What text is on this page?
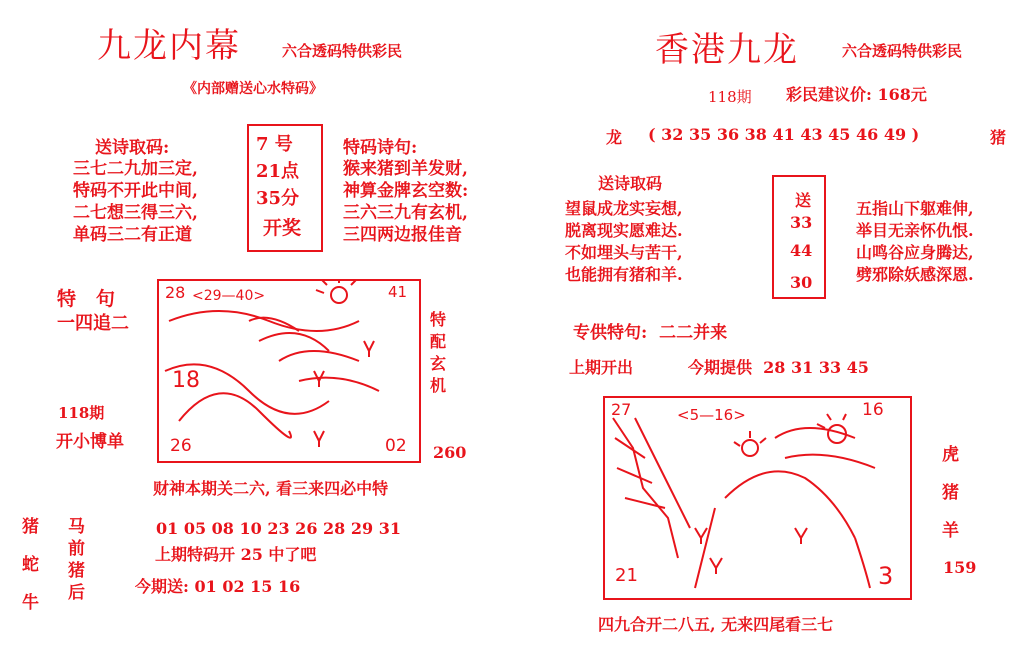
九龙内幕	六合透码特供彩民
《内部赠送心水特码》
送诗取码:
三七二九加三定,
特码不开此中间,
二七想三得三六,
单码三二有正道
7 号
21点
35分
开奖
特码诗句:
猴来猪到羊发财,
神算金牌玄空数:
三六三九有玄机,
三四两边报佳音
特   句
一四追二
118期
开小博单
28 <29—40>	41
18
26	02
特
配
玄
机
260
财神本期关二六, 看三来四必中特
猪
蛇
牛
马
前
猪
后
01 05 08 10 23 26 28 29 31
上期特码开 25 中了吧
今期送: 01 02 15 16
香港九龙	六合透码特供彩民
118期 彩民建议价: 168元
龙 ( 32 35 36 38 41 43 45 46 49 )	猪
送诗取码
望鼠成龙实妄想,
脱离现实愿难达.
不如埋头与苦干,
也能拥有猪和羊.
送
33
44
30
五指山下躯难伸,
举目无亲怀仇恨.
山鸣谷应身腾达,
劈邪除妖感深恩.
专供特句:  二二并来
上期开出	今期提供  28 31 33 45
27	<5—16>	16
21	3
虎
猪
羊
159
四九合开二八五, 无来四尾看三七
